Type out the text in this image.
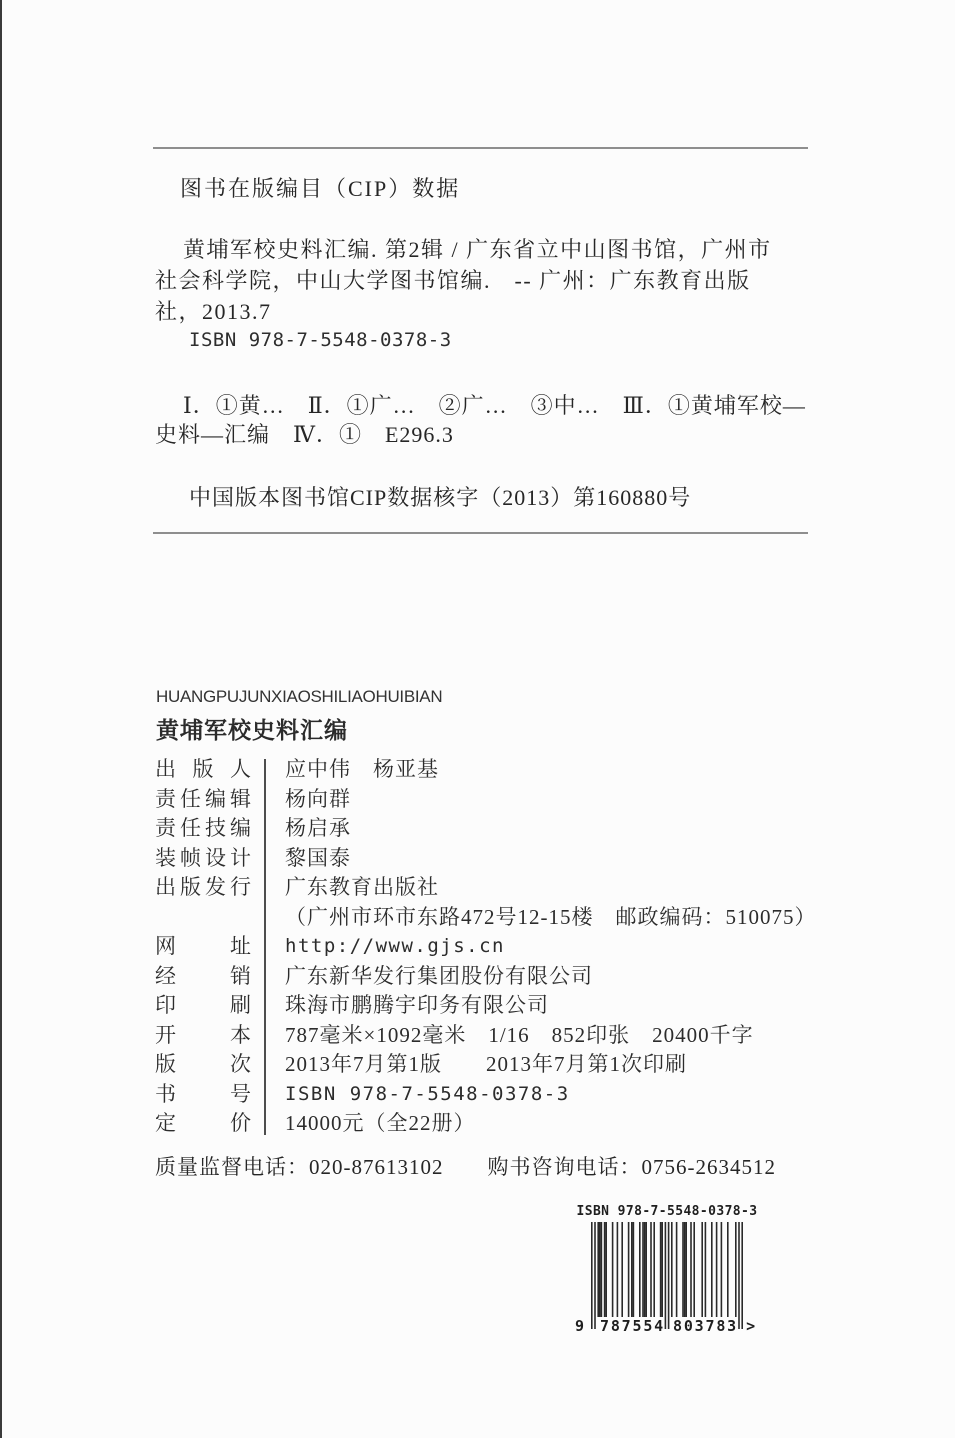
图书在版编目（CIP）数据
黄埔军校史料汇编. 第2辑 / 广东省立中山图书馆，广州市
社会科学院，中山大学图书馆编.　-- 广州：广东教育出版
社，2013.7
ISBN 978-7-5548-0378-3
Ⅰ．①黄…　Ⅱ．①广…　②广…　③中…　Ⅲ．①黄埔军校—
史料—汇编　Ⅳ．①　E296.3
中国版本图书馆CIP数据核字（2013）第160880号
HUANGPUJUNXIAOSHILIAOHUIBIAN
黄埔军校史料汇编
出版人 应中伟　杨亚基
责任编辑 杨向群
责任技编 杨启承
装帧设计 黎国泰
出版发行 广东教育出版社
（广州市环市东路472号12-15楼　邮政编码：510075）
网址 http://www.gjs.cn
经销 广东新华发行集团股份有限公司
印刷 珠海市鹏腾宇印务有限公司
开本 787毫米×1092毫米　1/16　852印张　20400千字
版次 2013年7月第1版　　2013年7月第1次印刷
书号 ISBN 978-7-5548-0378-3
定价 14000元（全22册）
质量监督电话：020-87613102　　购书咨询电话：0756-2634512
ISBN 978-7-5548-0378-3
9 787554 803783 >
